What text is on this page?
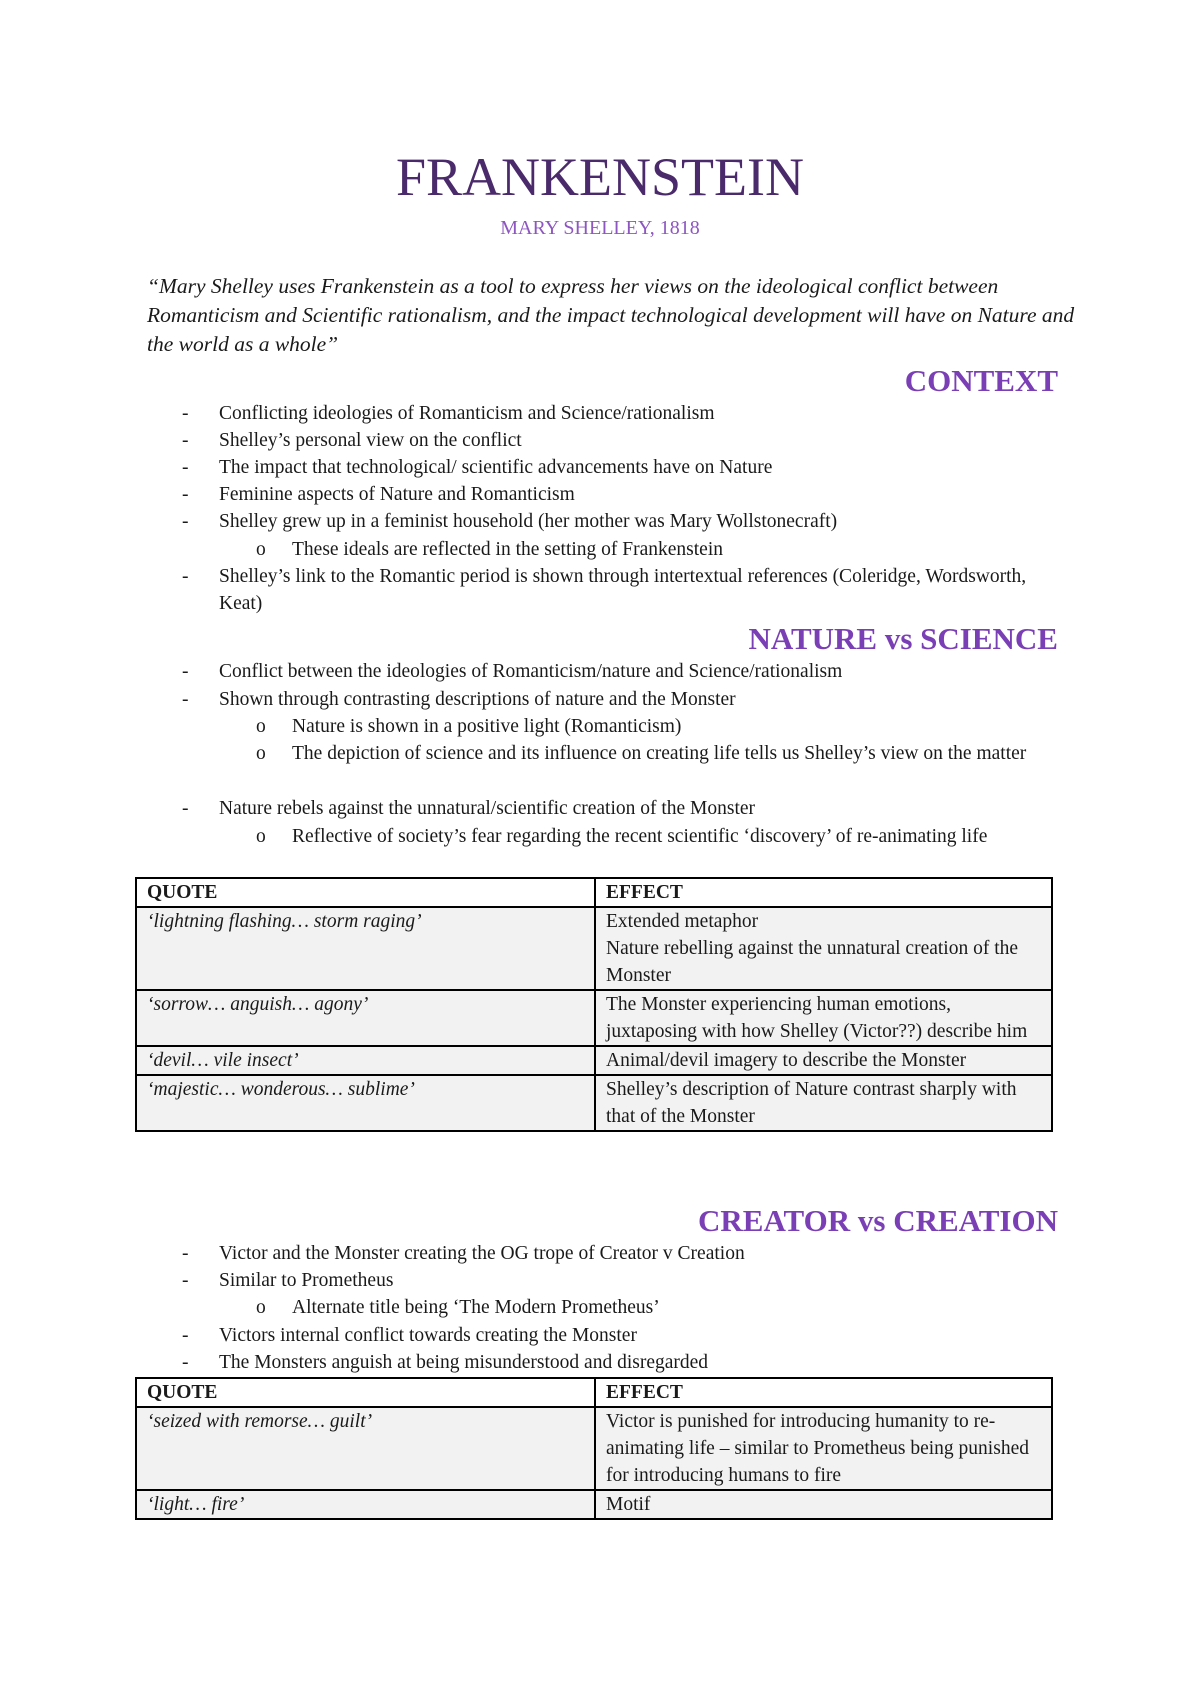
FRANKENSTEIN
MARY SHELLEY, 1818
“Mary Shelley uses Frankenstein as a tool to express her views on the ideological conflict between Romanticism and Scientific rationalism, and the impact technological development will have on Nature and the world as a whole”
CONTEXT
- Conflicting ideologies of Romanticism and Science/rationalism
- Shelley’s personal view on the conflict
- The impact that technological/ scientific advancements have on Nature
- Feminine aspects of Nature and Romanticism
- Shelley grew up in a feminist household (her mother was Mary Wollstonecraft)
o These ideals are reflected in the setting of Frankenstein
- Shelley’s link to the Romantic period is shown through intertextual references (Coleridge, Wordsworth, Keat)
NATURE vs SCIENCE
- Conflict between the ideologies of Romanticism/nature and Science/rationalism
- Shown through contrasting descriptions of nature and the Monster
o Nature is shown in a positive light (Romanticism)
o The depiction of science and its influence on creating life tells us Shelley’s view on the matter
- Nature rebels against the unnatural/scientific creation of the Monster
o Reflective of society’s fear regarding the recent scientific ‘discovery’ of re-animating life
QUOTE	EFFECT
‘lightning flashing… storm raging’	Extended metaphor
Nature rebelling against the unnatural creation of the Monster
‘sorrow… anguish… agony’	The Monster experiencing human emotions, juxtaposing with how Shelley (Victor??) describe him
‘devil… vile insect’	Animal/devil imagery to describe the Monster
‘majestic… wonderous… sublime’	Shelley’s description of Nature contrast sharply with that of the Monster
CREATOR vs CREATION
- Victor and the Monster creating the OG trope of Creator v Creation
- Similar to Prometheus
o Alternate title being ‘The Modern Prometheus’
- Victors internal conflict towards creating the Monster
- The Monsters anguish at being misunderstood and disregarded
QUOTE	EFFECT
‘seized with remorse… guilt’	Victor is punished for introducing humanity to re-animating life – similar to Prometheus being punished for introducing humans to fire
‘light… fire’	Motif
